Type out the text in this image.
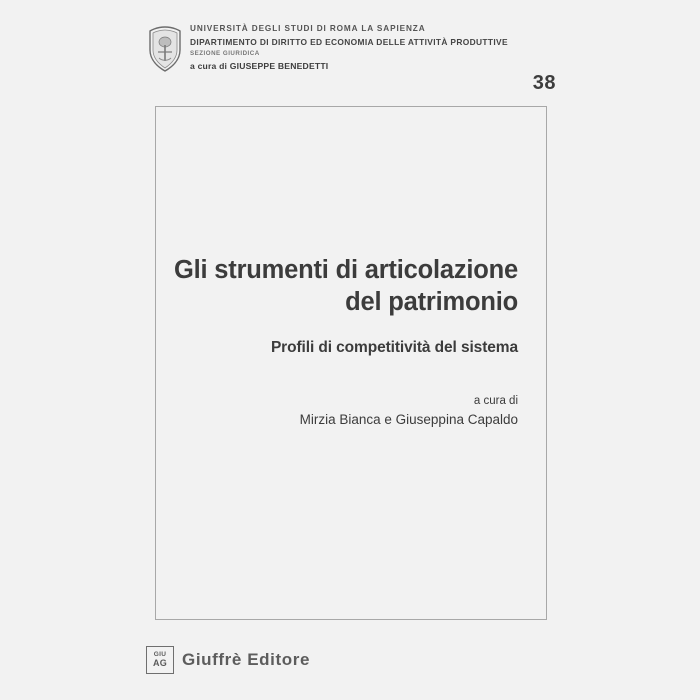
UNIVERSITÀ DEGLI STUDI DI ROMA LA SAPIENZA
DIPARTIMENTO DI DIRITTO ED ECONOMIA DELLE ATTIVITÀ PRODUTTIVE
SEZIONE GIURIDICA
a cura di GIUSEPPE BENEDETTI
38
Gli strumenti di articolazione
del patrimonio
Profili di competitività del sistema
a cura di
Mirzia Bianca e Giuseppina Capaldo
GIU
AG Giuffrè Editore
